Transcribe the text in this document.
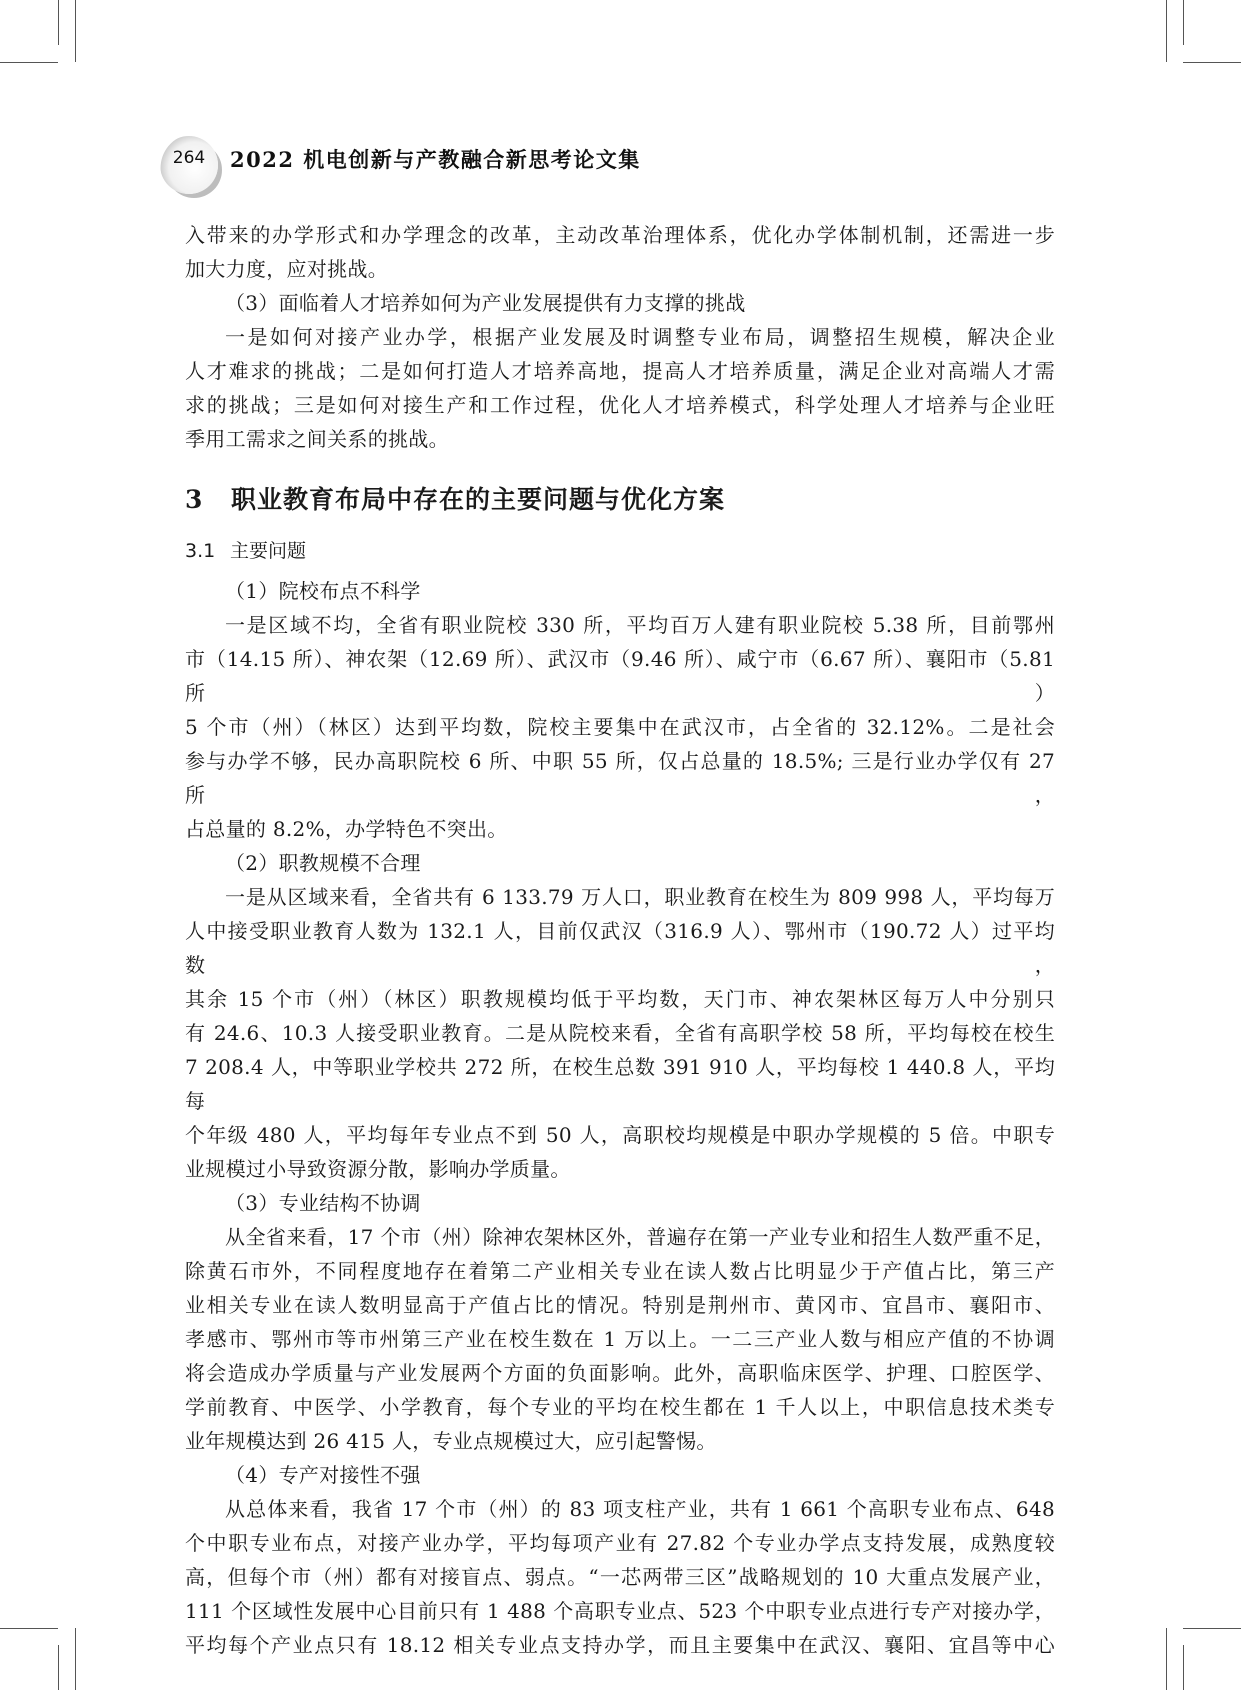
264	2022 机电创新与产教融合新思考论文集

入带来的办学形式和办学理念的改革，主动改革治理体系，优化办学体制机制，还需进一步

加大力度，应对挑战。

（3）面临着人才培养如何为产业发展提供有力支撑的挑战

一是如何对接产业办学，根据产业发展及时调整专业布局，调整招生规模，解决企业

人才难求的挑战；二是如何打造人才培养高地，提高人才培养质量，满足企业对高端人才需

求的挑战；三是如何对接生产和工作过程，优化人才培养模式，科学处理人才培养与企业旺

季用工需求之间关系的挑战。

3 职业教育布局中存在的主要问题与优化方案
3.1 主要问题

（1）院校布点不科学

一是区域不均，全省有职业院校 330 所，平均百万人建有职业院校 5.38 所，目前鄂州

市（14.15 所）、神农架（12.69 所）、武汉市（9.46 所）、咸宁市（6.67 所）、襄阳市（5.81 所）

5 个市（州）（林区）达到平均数，院校主要集中在武汉市，占全省的 32.12%。二是社会

参与办学不够，民办高职院校 6 所、中职 55 所，仅占总量的 18.5%; 三是行业办学仅有 27 所，

占总量的 8.2%，办学特色不突出。

（2）职教规模不合理

一是从区域来看，全省共有 6 133.79 万人口，职业教育在校生为 809 998 人，平均每万

人中接受职业教育人数为 132.1 人，目前仅武汉（316.9 人）、鄂州市（190.72 人）过平均数，

其余 15 个市（州）（林区）职教规模均低于平均数，天门市、神农架林区每万人中分别只

有 24.6、10.3 人接受职业教育。二是从院校来看，全省有高职学校 58 所，平均每校在校生

7 208.4 人，中等职业学校共 272 所，在校生总数 391 910 人，平均每校 1 440.8 人，平均每

个年级 480 人，平均每年专业点不到 50 人，高职校均规模是中职办学规模的 5 倍。中职专

业规模过小导致资源分散，影响办学质量。

（3）专业结构不协调

从全省来看，17 个市（州）除神农架林区外，普遍存在第一产业专业和招生人数严重不足，

除黄石市外，不同程度地存在着第二产业相关专业在读人数占比明显少于产值占比，第三产

业相关专业在读人数明显高于产值占比的情况。特别是荆州市、黄冈市、宜昌市、襄阳市、

孝感市、鄂州市等市州第三产业在校生数在 1 万以上。一二三产业人数与相应产值的不协调

将会造成办学质量与产业发展两个方面的负面影响。此外，高职临床医学、护理、口腔医学、

学前教育、中医学、小学教育，每个专业的平均在校生都在 1 千人以上，中职信息技术类专

业年规模达到 26 415 人，专业点规模过大，应引起警惕。

（4）专产对接性不强

从总体来看，我省 17 个市（州）的 83 项支柱产业，共有 1 661 个高职专业布点、648

个中职专业布点，对接产业办学，平均每项产业有 27.82 个专业办学点支持发展，成熟度较

高，但每个市（州）都有对接盲点、弱点。“一芯两带三区”战略规划的 10 大重点发展产业，

111 个区域性发展中心目前只有 1 488 个高职专业点、523 个中职专业点进行专产对接办学，

平均每个产业点只有 18.12 相关专业点支持办学，而且主要集中在武汉、襄阳、宜昌等中心
